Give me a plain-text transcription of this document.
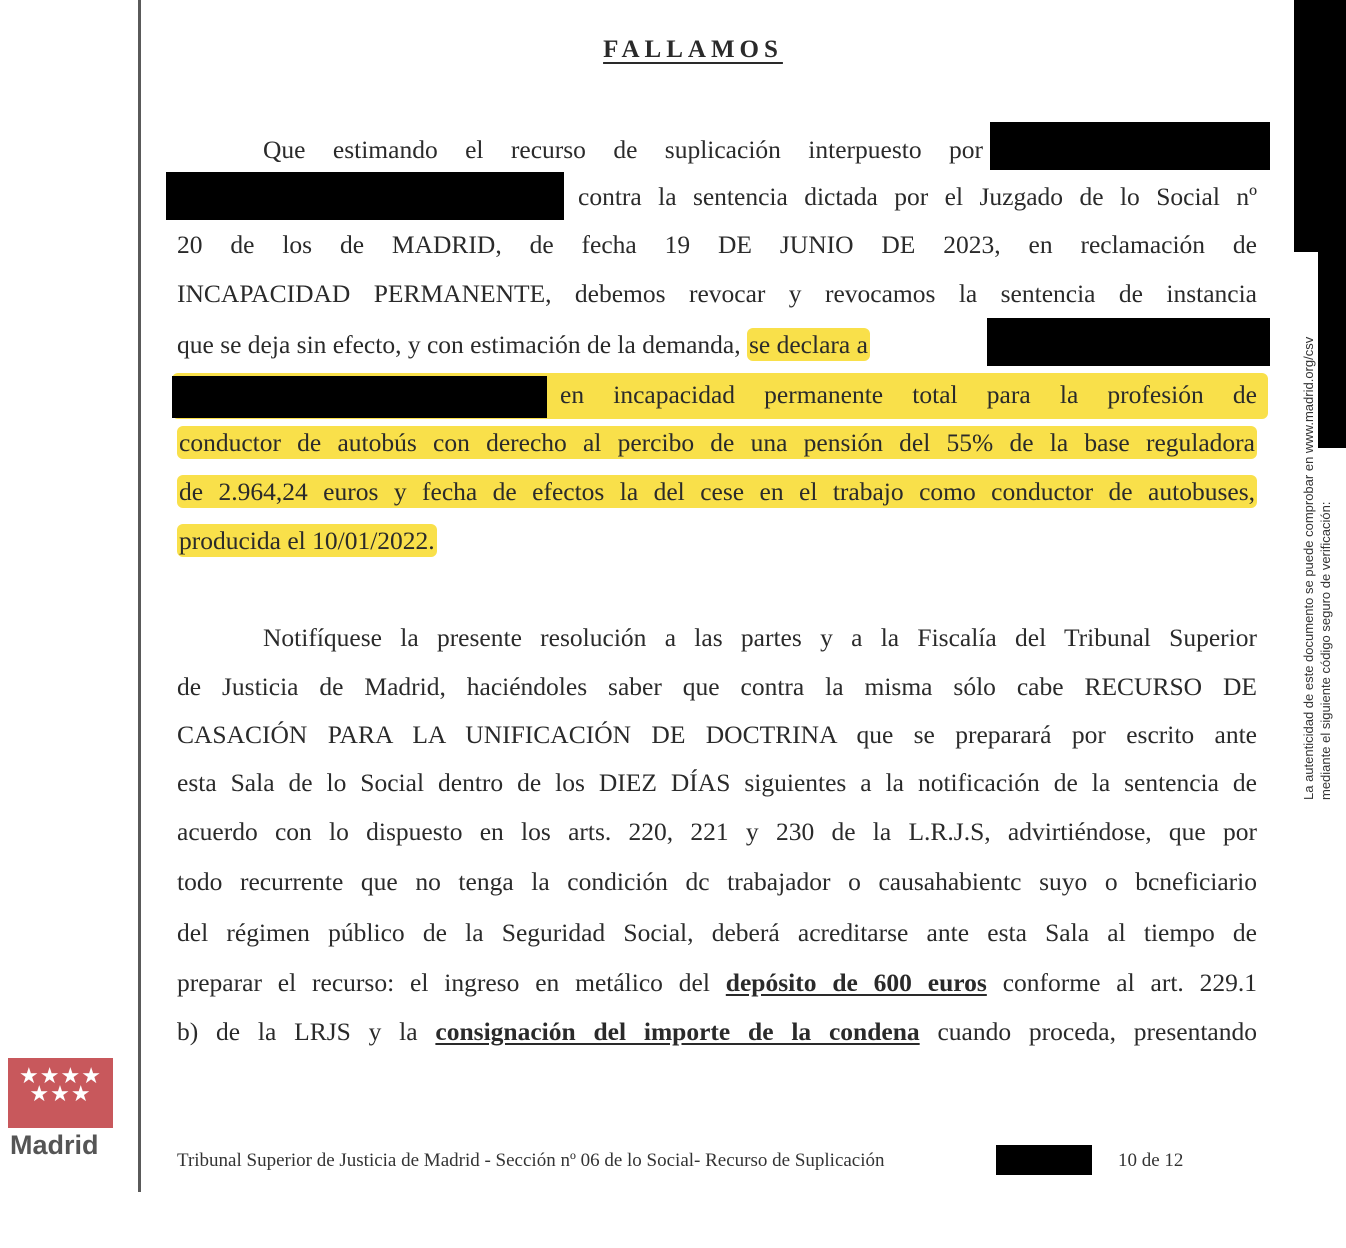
FALLAMOS
Que estimando el recurso de suplicación interpuesto por
contra la sentencia dictada por el Juzgado de lo Social nº
20 de los de MADRID, de fecha 19 DE JUNIO DE 2023, en reclamación de
INCAPACIDAD PERMANENTE, debemos revocar y revocamos la sentencia de instancia
que se deja sin efecto, y con estimación de la demanda, se declara a
en incapacidad permanente total para la profesión de
conductor de autobús con derecho al percibo de una pensión del 55% de la base reguladora
de 2.964,24 euros y fecha de efectos la del cese en el trabajo como conductor de autobuses,
producida el 10/01/2022.
Notifíquese la presente resolución a las partes y a la Fiscalía del Tribunal Superior
de Justicia de Madrid, haciéndoles saber que contra la misma sólo cabe RECURSO DE
CASACIÓN PARA LA UNIFICACIÓN DE DOCTRINA que se preparará por escrito ante
esta Sala de lo Social dentro de los DIEZ DÍAS siguientes a la notificación de la sentencia de
acuerdo con lo dispuesto en los arts. 220, 221 y 230 de la L.R.J.S, advirtiéndose, que por
todo recurrente que no tenga la condición dc trabajador o causahabientc suyo o bcneficiario
del régimen público de la Seguridad Social, deberá acreditarse ante esta Sala al tiempo de
preparar el recurso: el ingreso en metálico del depósito de 600 euros conforme al art. 229.1
b) de la LRJS y la consignación del importe de la condena cuando proceda, presentando
La autenticidad de este documento se puede comprobar en www.madrid.org/csv mediante el siguiente código seguro de verificación:
★★★★
★★★
Madrid
Tribunal Superior de Justicia de Madrid - Sección nº 06 de lo Social- Recurso de Suplicación	10 de 12
